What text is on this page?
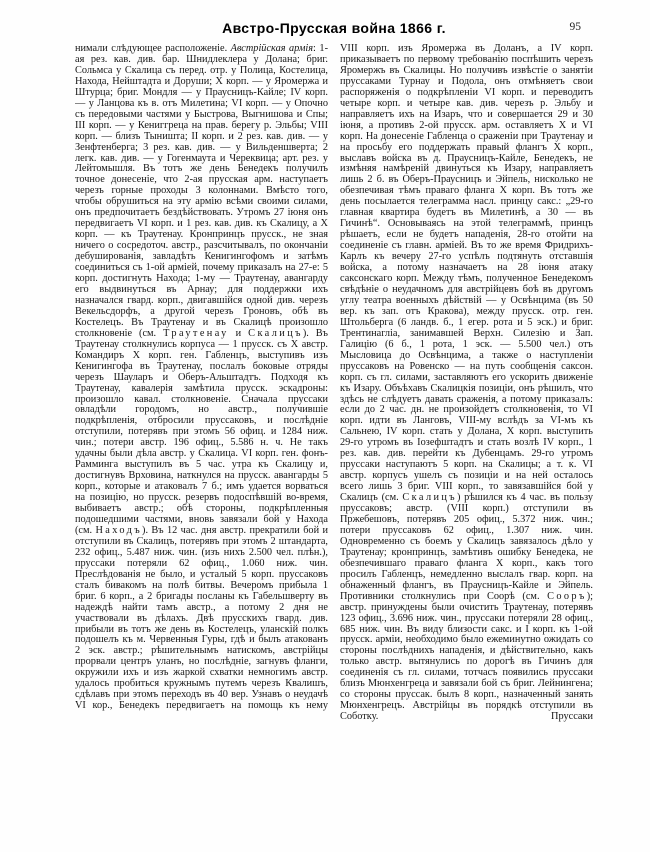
Австро-Прусская война 1866 г.	95
нимали слѣдующее расположеніе. Австрійская армія: 1-ая рез. кав. див. бар. Шнидлеклера у Долана; бриг. Сольмса у Скалица съ перед. отр. у Полица, Костелица, Находа, Нейштадта и Доруши; X корп. — у Яромержа и Штурца; бриг. Мондля — у Праусницъ-Кайле; IV корп. — у Ланцова къ в. отъ Милетина; VI корп. — у Опочно съ передовыми частями у Быстрова, Выгнишова и Спы; III корп. — у Кениггреца на прав. берегу р. Эльбы; VIII корп. — близъ Тыништа; II корп. и 2 рез. кав. див. — у Зенфтенберга; 3 рез. кав. див. — у Вильденшверта; 2 легк. кав. див. — у Гогенмаута и Череквица; арт. рез. у Лейтомышля. Въ тотъ же день Бенедекъ получилъ точное донесеніе, что 2-ая прусская арм. наступаетъ черезъ горные проходы 3 колоннами. Вмѣсто того, чтобы обрушиться на эту армію всѣми своими силами, онъ предпочитаетъ бездѣйствовать. Утромъ 27 іюня онъ передвигаетъ VI корп. и 1 рез. кав. див. къ Скалицу, а X корп. — къ Траутенау. Кронпринцъ прусск., не зная ничего о сосредоточ. австр., разсчитывалъ, по окончаніи дебушированія, завладѣть Кенигингофомъ и затѣмъ соединиться съ 1-ой арміей, почему приказалъ на 27-е: 5 корп. достигнуть Находа; 1-му — Траутенау, авангарду его выдвинуться въ Арнау; для поддержки ихъ назначался гвард. корп., двигавшійся одной див. черезъ Векельсдорфъ, а другой черезъ Гроновъ, обѣ въ Костелецъ. Въ Траутенау и въ Скалицѣ произошло столкновеніе (см. Траутенау и Скалицъ). Въ Траутенау столкнулись корпуса — 1 прусск. съ X австр. Командиръ X корп. ген. Габленцъ, выступивъ изъ Кенигингофа въ Траутенау, послалъ боковые отряды черезъ Шауларъ и Оберъ-Альштадтъ. Подходя къ Траутенау, кавалерія замѣтила прусск. эскадроны: произошло кавал. столкновеніе. Сначала пруссаки овладѣли городомъ, но австр., получившіе подкрѣпленія, отбросили пруссаковъ, и послѣдніе отступили, потерявъ при этомъ 56 офиц. и 1284 ниж. чин.; потери австр. 196 офиц., 5.586 н. ч. Не такъ удачны были дѣла австр. у Скалица. VI корп. ген. фонъ-Рамминга выступилъ въ 5 час. утра къ Скалицу и, достигнувъ Врховина, наткнулся на прусск. авангарды 5 корп., которые и атаковалъ 7 б.; имъ удается ворваться на позицію, но прусск. резервъ подоспѣвшій во-время, выбиваетъ австр.; обѣ стороны, подкрѣпленныя подошедшими частями, вновь завязали бой у Находа (см. Находъ). Въ 12 час. дня австр. прекратили бой и отступили въ Скалицъ, потерявъ при этомъ 2 штандарта, 232 офиц., 5.487 ниж. чин. (изъ нихъ 2.500 чел. плѣн.), пруссаки потеряли 62 офиц., 1.060 ниж. чин. Преслѣдованія не было, и усталый 5 корп. пруссаковъ сталъ бивакомъ на полѣ битвы. Вечеромъ прибыла 1 бриг. 6 корп., а 2 бригады посланы къ Габельшверту въ надеждѣ найти тамъ австр., а потому 2 дня не участвовали въ дѣлахъ. Двѣ прусскихъ гвард. див. прибыли въ тотъ же день въ Костелецъ, уланскій полкъ подошелъ къ м. Червенныя Гуры, гдѣ и былъ атакованъ 2 эск. австр.; рѣшительнымъ натискомъ, австрійцы прорвали центръ уланъ, но послѣдніе, загнувъ фланги, окружили ихъ и изъ жаркой схватки немногимъ австр. удалось пробиться кружнымъ путемъ черезъ Квалишъ, сдѣлавъ при этомъ переходъ въ 40 вер. Узнавъ о неудачѣ VI кор., Бенедекъ передвигаетъ на помощь къ нему
VIII корп. изъ Яромержа въ Доланъ, а IV корп. приказываетъ по первому требованію поспѣшить черезъ Яромержъ въ Скалицы. Но получивъ извѣстіе о занятіи пруссаками Турнау и Подола, онъ отмѣняетъ свои распоряженія о подкрѣпленіи VI корп. и переводитъ четыре корп. и четыре кав. див. черезъ р. Эльбу и направляетъ ихъ на Изаръ, что и совершается 29 и 30 іюня, а противъ 2-ой прусск. арм. оставляетъ X и VI корп. На донесеніе Габленца о сраженіи при Траутенау и на просьбу его поддержать правый флангъ X корп., выславъ войска въ д. Праусницъ-Кайле, Бенедекъ, не измѣняя намѣреній двинуться къ Изару, направляетъ лишь 2 б. въ Оберъ-Праусницъ и Эйпель, нисколько не обезпечивая тѣмъ праваго фланга X корп. Въ тотъ же день посылается телеграмма насл. принцу сакс.: „29-го главная квартира будетъ въ Милетинѣ, а 30 — въ Гичинѣ“. Основываясь на этой телеграммѣ, принцъ рѣшаетъ, если не будетъ нападенія, 28-го отойти на соединеніе съ главн. арміей. Въ то же время Фридрихъ-Карлъ къ вечеру 27-го успѣлъ подтянуть отставшія войска, а потому назначаетъ на 28 іюня атаку саксонскаго корп. Между тѣмъ, полученное Бенедекомъ свѣдѣніе о неудачномъ для австрійцевъ боѣ въ другомъ углу театра военныхъ дѣйствій — у Освѣнцима (въ 50 вер. къ зап. отъ Кракова), между прусск. отр. ген. Штольберга (6 ландв. б., 1 егер. рота и 5 эск.) и бриг. Трентинагліа, занимавшей Верхн. Силезію и Зап. Галицію (6 б., 1 рота, 1 эск. — 5.500 чел.) отъ Мысловица до Освѣнцима, а также о наступленіи пруссаковъ на Ровенско — на путь сообщенія саксон. корп. съ гл. силами, заставляютъ его ускорить движеніе къ Изару. Объѣхавъ Скалицкія позиціи, онъ рѣшилъ, что здѣсь не слѣдуетъ давать сраженія, а потому приказалъ: если до 2 час. дн. не произойдетъ столкновенія, то VI корп. идти въ Ланговъ, VIII-му вслѣдъ за VI-мъ къ Сальнею, IV корп. стать у Долана, X корп. выступить 29-го утромъ въ Іозефштадтъ и стать возлѣ IV корп., 1 рез. кав. див. перейти къ Дубенцамъ. 29-го утромъ пруссаки наступаютъ 5 корп. на Скалицы; а т. к. VI австр. корпусъ ушелъ съ позиціи и на ней осталось всего лишь 3 бриг. VIII корп., то завязавшійся бой у Скалицъ (см. Скалицъ) рѣшился къ 4 час. въ пользу пруссаковъ; австр. (VIII корп.) отступили въ Пржебешовъ, потерявъ 205 офиц., 5.372 ниж. чин.; потери пруссаковъ 62 офиц., 1.307 ниж. чин. Одновременно съ боемъ у Скалицъ завязалось дѣло у Траутенау; кронпринцъ, замѣтивъ ошибку Бенедека, не обезпечившаго праваго фланга X корп., какъ того просилъ Габленцъ, немедленно выслалъ гвар. корп. на обнаженный флангъ, въ Праусницъ-Кайле и Эйпель. Противники столкнулись при Соорѣ (см. Сооръ); австр. принуждены были очистить Траутенау, потерявъ 123 офиц., 3.696 ниж. чин., пруссаки потеряли 28 офиц., 685 ниж. чин. Въ виду близости сакс. и I корп. къ 1-ой прусск. арміи, необходимо было ежеминутно ожидать со стороны послѣднихъ нападенія, и дѣйствительно, какъ только австр. вытянулись по дорогѣ въ Гичинъ для соединенія съ гл. силами, тотчасъ появились пруссаки близъ Мюнхенгреца и завязали бой съ бриг. Лейнингена; со стороны пруссак. былъ 8 корп., назначенный занять Мюнхенгрецъ. Австрійцы въ порядкѣ отступили въ Соботку. Пруссаки
